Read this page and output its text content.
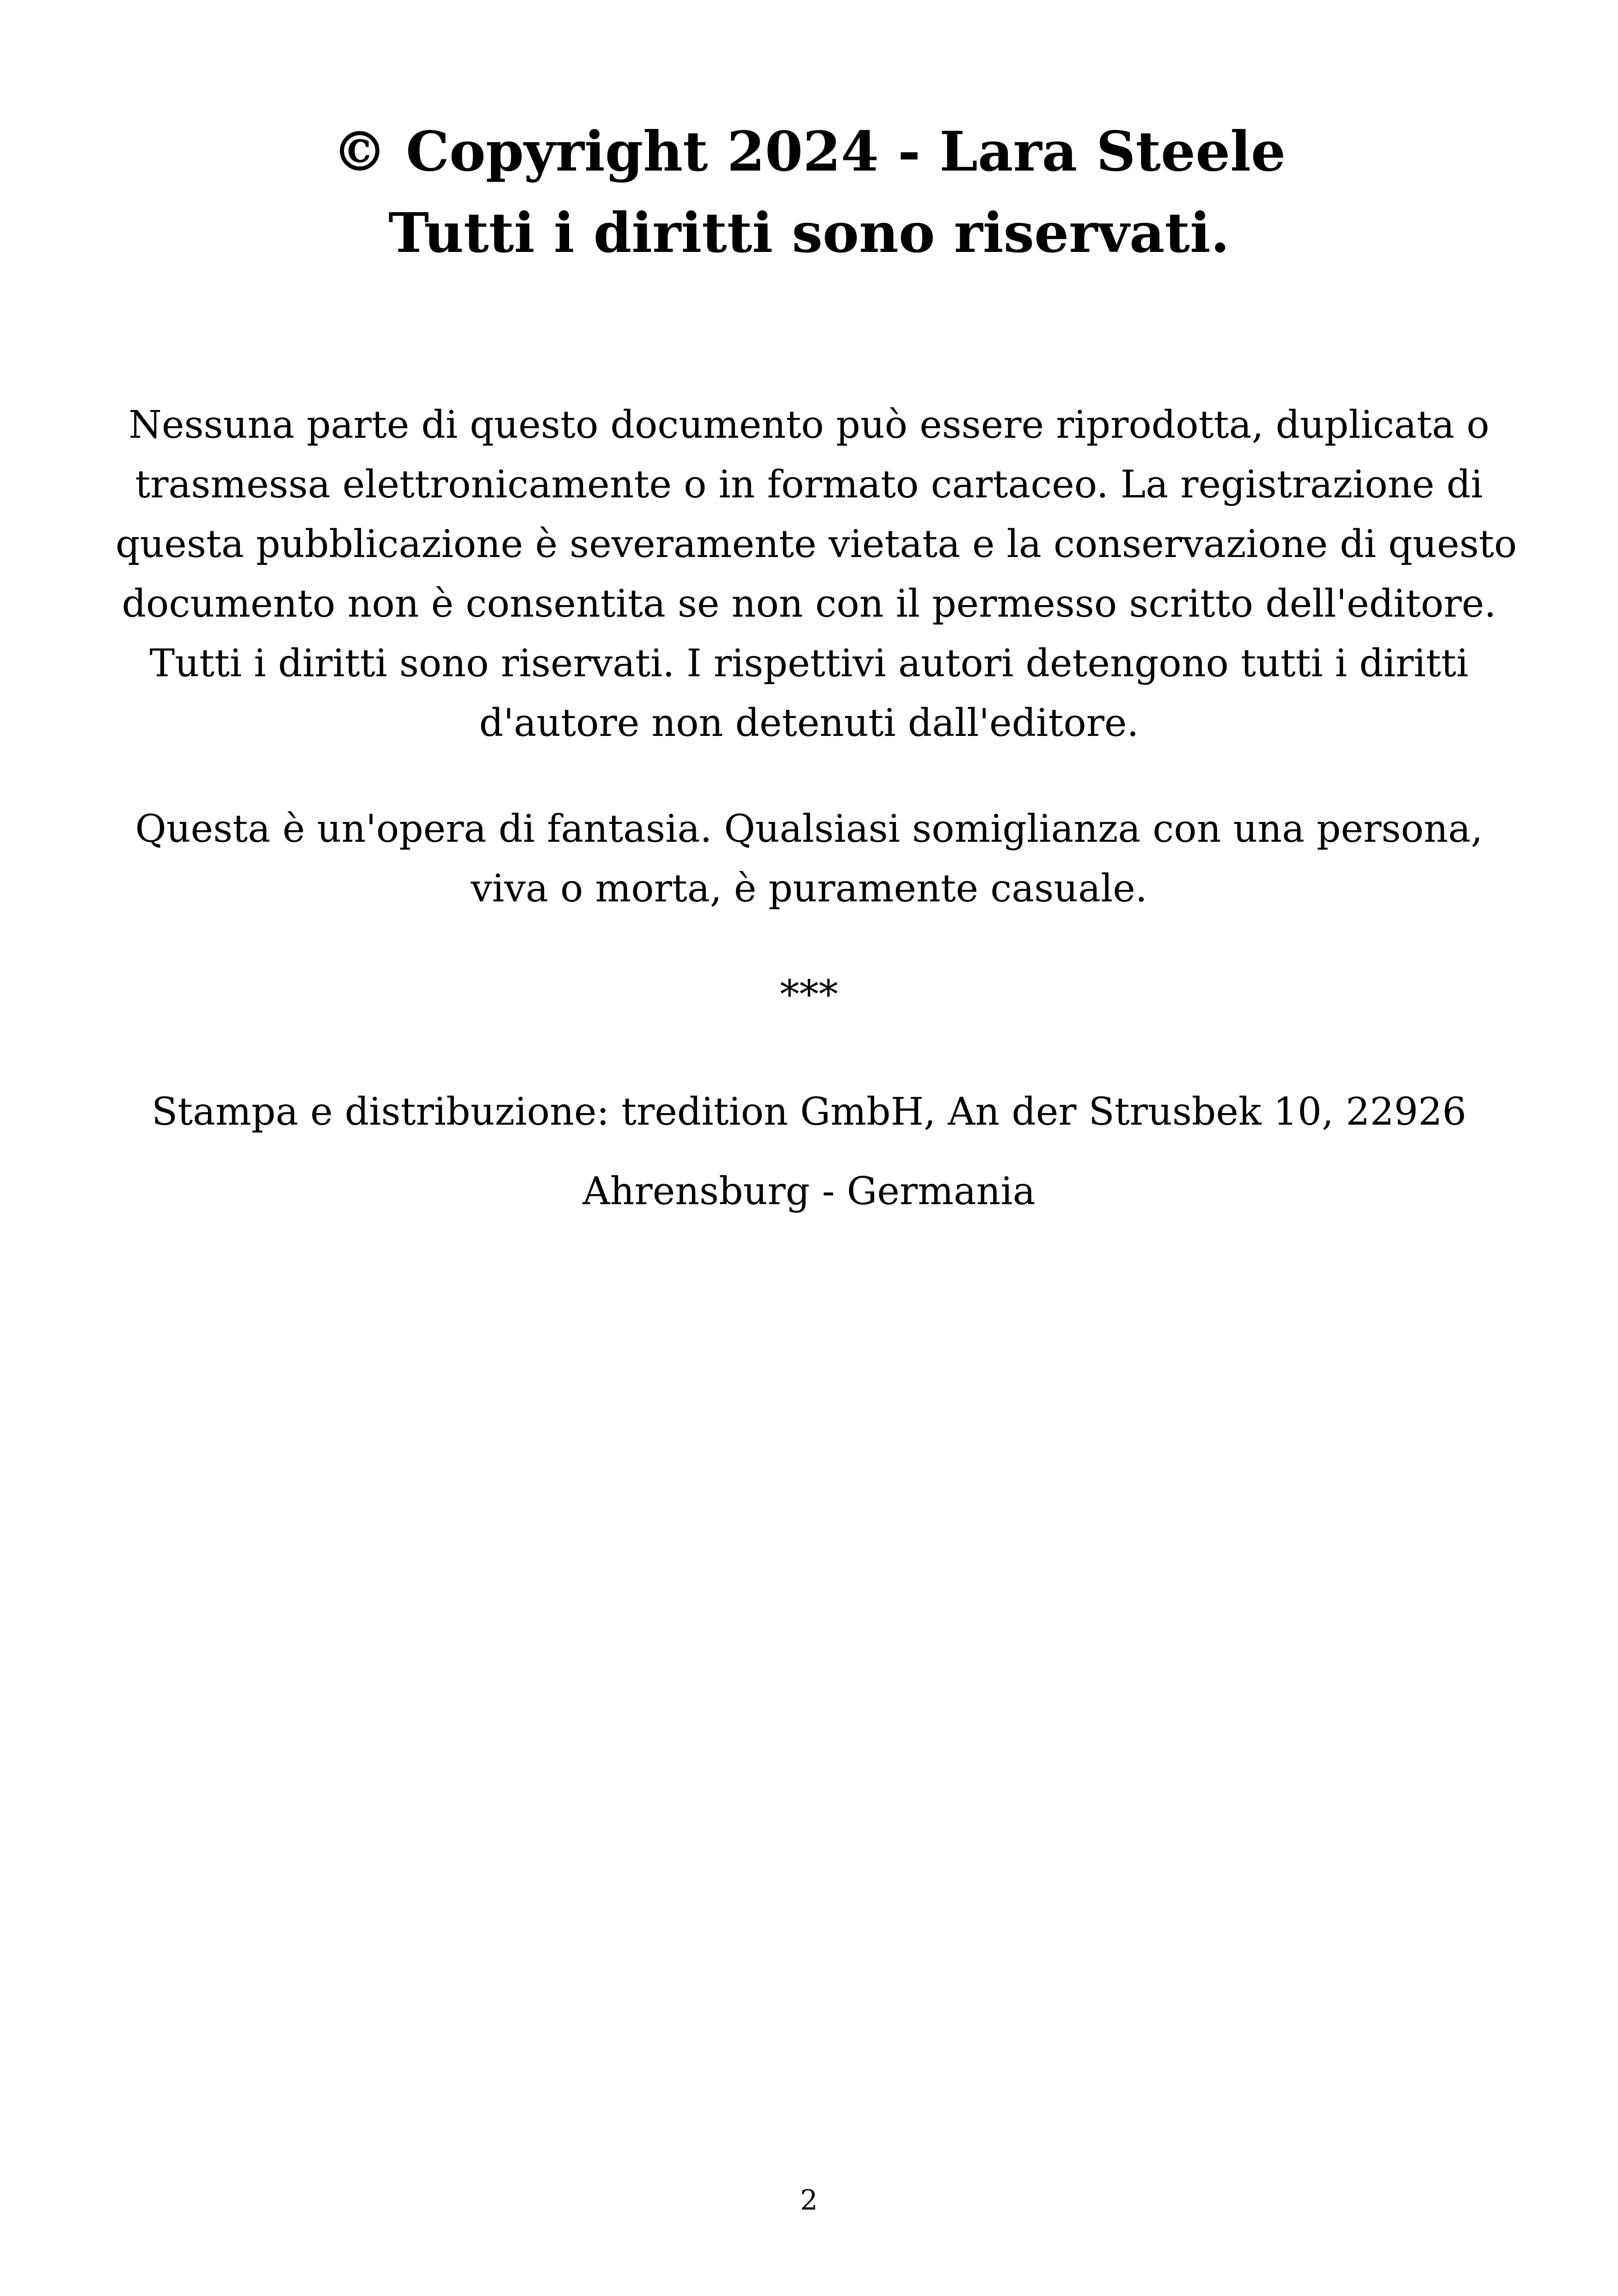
© Copyright 2024 - Lara Steele
Tutti i diritti sono riservati.
Nessuna parte di questo documento può essere riprodotta, duplicata o
trasmessa elettronicamente o in formato cartaceo. La registrazione di
questa pubblicazione è severamente vietata e la conservazione di questo
documento non è consentita se non con il permesso scritto dell'editore.
Tutti i diritti sono riservati. I rispettivi autori detengono tutti i diritti
d'autore non detenuti dall'editore.
Questa è un'opera di fantasia. Qualsiasi somiglianza con una persona,
viva o morta, è puramente casuale.
***
Stampa e distribuzione: tredition GmbH, An der Strusbek 10, 22926
Ahrensburg - Germania
2
